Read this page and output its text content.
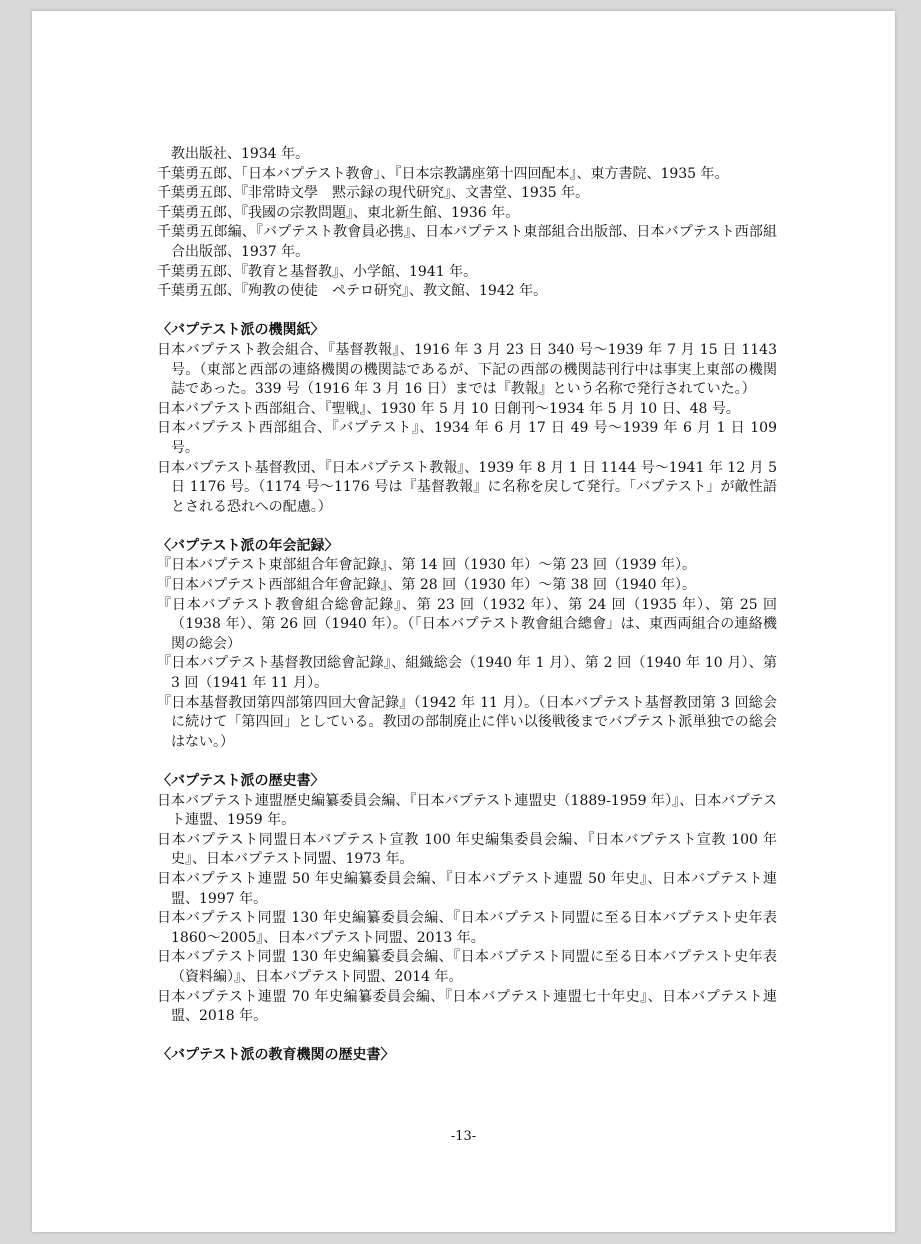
教出版社、1934 年。

千葉勇五郎、「日本バプテスト教會」、『日本宗教講座第十四回配本』、東方書院、1935 年。

千葉勇五郎、『非常時文學　黙示録の現代研究』、文書堂、1935 年。

千葉勇五郎、『我國の宗教問題』、東北新生館、1936 年。

千葉勇五郎編、『バプテスト教會員必携』、日本バプテスト東部組合出版部、日本バプテスト西部組合出版部、1937 年。

千葉勇五郎、『教育と基督教』、小学館、1941 年。

千葉勇五郎、『殉教の使徒　ペテロ研究』、教文館、1942 年。

〈バプテスト派の機関紙〉

日本バプテスト教会組合、『基督教報』、1916 年 3 月 23 日 340 号～1939 年 7 月 15 日 1143 号。（東部と西部の連絡機関の機関誌であるが、下記の西部の機関誌刊行中は事実上東部の機関誌であった。339 号（1916 年 3 月 16 日）までは『教報』という名称で発行されていた。）

日本バプテスト西部組合、『聖戦』、1930 年 5 月 10 日創刊～1934 年 5 月 10 日、48 号。

日本バプテスト西部組合、『バプテスト』、1934 年 6 月 17 日 49 号～1939 年 6 月 1 日 109 号。

日本バプテスト基督教団、『日本バプテスト教報』、1939 年 8 月 1 日 1144 号～1941 年 12 月 5 日 1176 号。（1174 号～1176 号は『基督教報』に名称を戻して発行。「バプテスト」が敵性語とされる恐れへの配慮。）

〈バプテスト派の年会記録〉

『日本バプテスト東部組合年會記錄』、第 14 回（1930 年）～第 23 回（1939 年）。

『日本バプテスト西部組合年會記錄』、第 28 回（1930 年）～第 38 回（1940 年）。

『日本バプテスト教會組合総會記錄』、第 23 回（1932 年）、第 24 回（1935 年）、第 25 回（1938 年）、第 26 回（1940 年）。（「日本バプテスト教會組合總會」は、東西両組合の連絡機関の総会）

『日本バプテスト基督教団総會記錄』、組織総会（1940 年 1 月）、第 2 回（1940 年 10 月）、第 3 回（1941 年 11 月）。

『日本基督教団第四部第四回大會記錄』（1942 年 11 月）。（日本バプテスト基督教団第 3 回総会に続けて「第四回」としている。教団の部制廃止に伴い以後戦後までバプテスト派単独での総会はない。）

〈バプテスト派の歴史書〉

日本バプテスト連盟歴史編纂委員会編、『日本バプテスト連盟史（1889-1959 年）』、日本バプテスト連盟、1959 年。

日本バプテスト同盟日本バプテスト宣教 100 年史編集委員会編、『日本バプテスト宣教 100 年史』、日本バプテスト同盟、1973 年。

日本バプテスト連盟 50 年史編纂委員会編、『日本バプテスト連盟 50 年史』、日本バプテスト連盟、1997 年。

日本バプテスト同盟 130 年史編纂委員会編、『日本バプテスト同盟に至る日本バプテスト史年表 1860～2005』、日本バプテスト同盟、2013 年。

日本バプテスト同盟 130 年史編纂委員会編、『日本バプテスト同盟に至る日本バプテスト史年表（資料編）』、日本バプテスト同盟、2014 年。

日本バプテスト連盟 70 年史編纂委員会編、『日本バプテスト連盟七十年史』、日本バプテスト連盟、2018 年。

〈バプテスト派の教育機関の歴史書〉

-13-
